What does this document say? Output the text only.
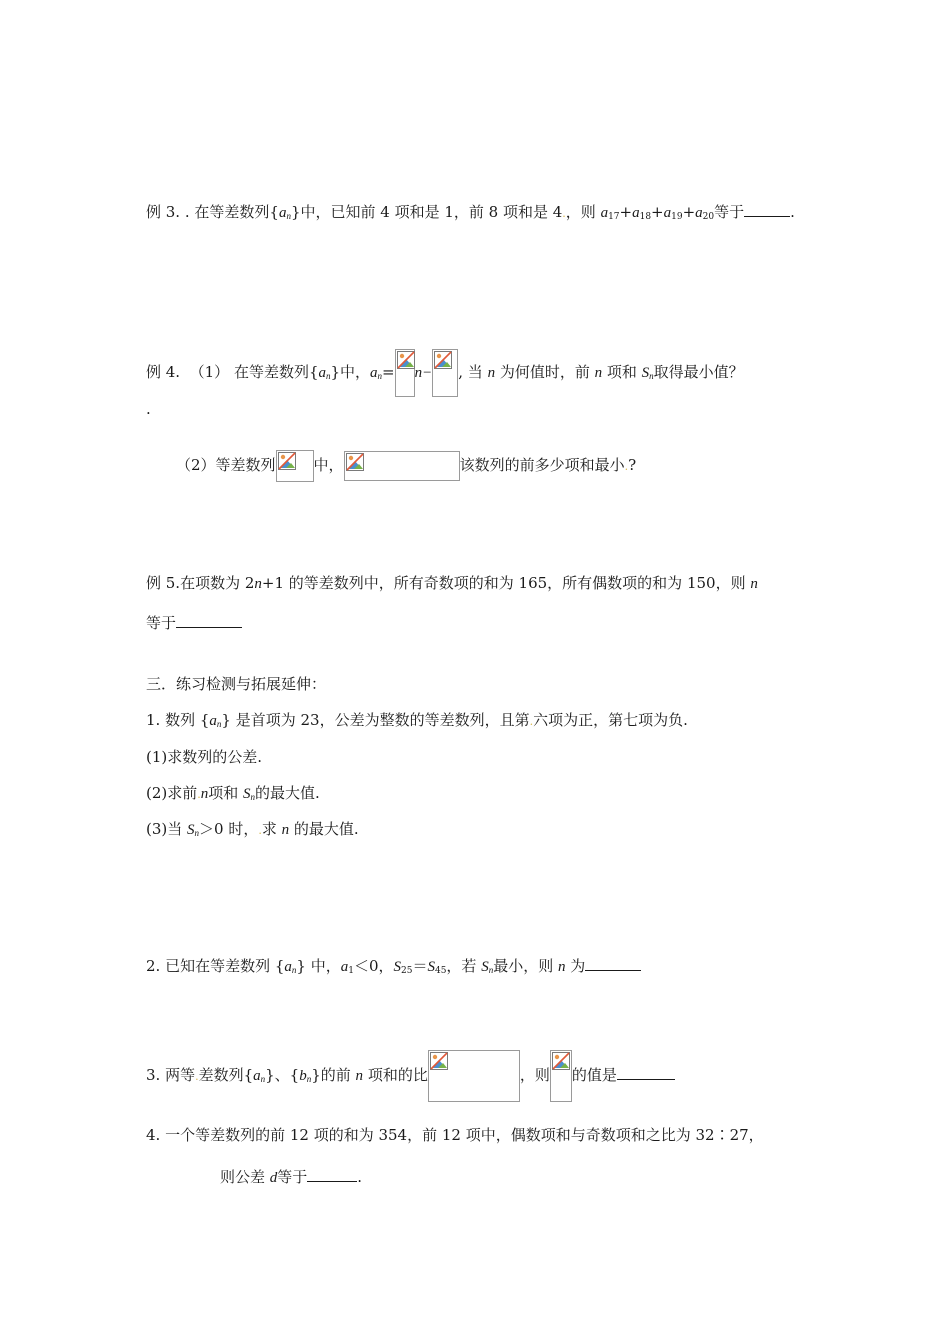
例 3. . 在等差数列$\{a_n\}$中，已知前 4 项和是 1，前 8 项和是 4.，则 $a_{17}+a_{18}+a_{19}+a_{20}$等于	.
例 4. （1） 在等差数列$\{a_n\}$中，$a_n= n-$ , 当 n 为何值时，前 n 项和 $S_n$取得最小值？
.
（2）等差数列	中，	该数列的前多少项和最小.?
例 5.在项数为 2n+1 的等差数列中，所有奇数项的和为 165，所有偶数项的和为 150，则 n
等于
三．练习检测与拓展延伸：
1. 数列 $\{a_n\}$ 是首项为 23，公差为整数的等差数列，且第.六项为正，第七项为负.
(1)求数列的公差.
(2)求前.n项和 $S_n$的最大值.
(3)当 $S_n>0$ 时，.求 n 的最大值.
2. 已知在等差数列 $\{a_n\}$ 中，$a_1<0$，$S_{25}=S_{45}$，若 $S_n$最小，则 n 为
3. 两等.差数列$\{a_n\}$、$\{b_n\}$的前 n 项和的比	，则 的值是
4. 一个等差数列的前 12 项的和为 354，前 12 项中，偶数项和与奇数项和之比为 32∶27，
则公差 d等于	.
